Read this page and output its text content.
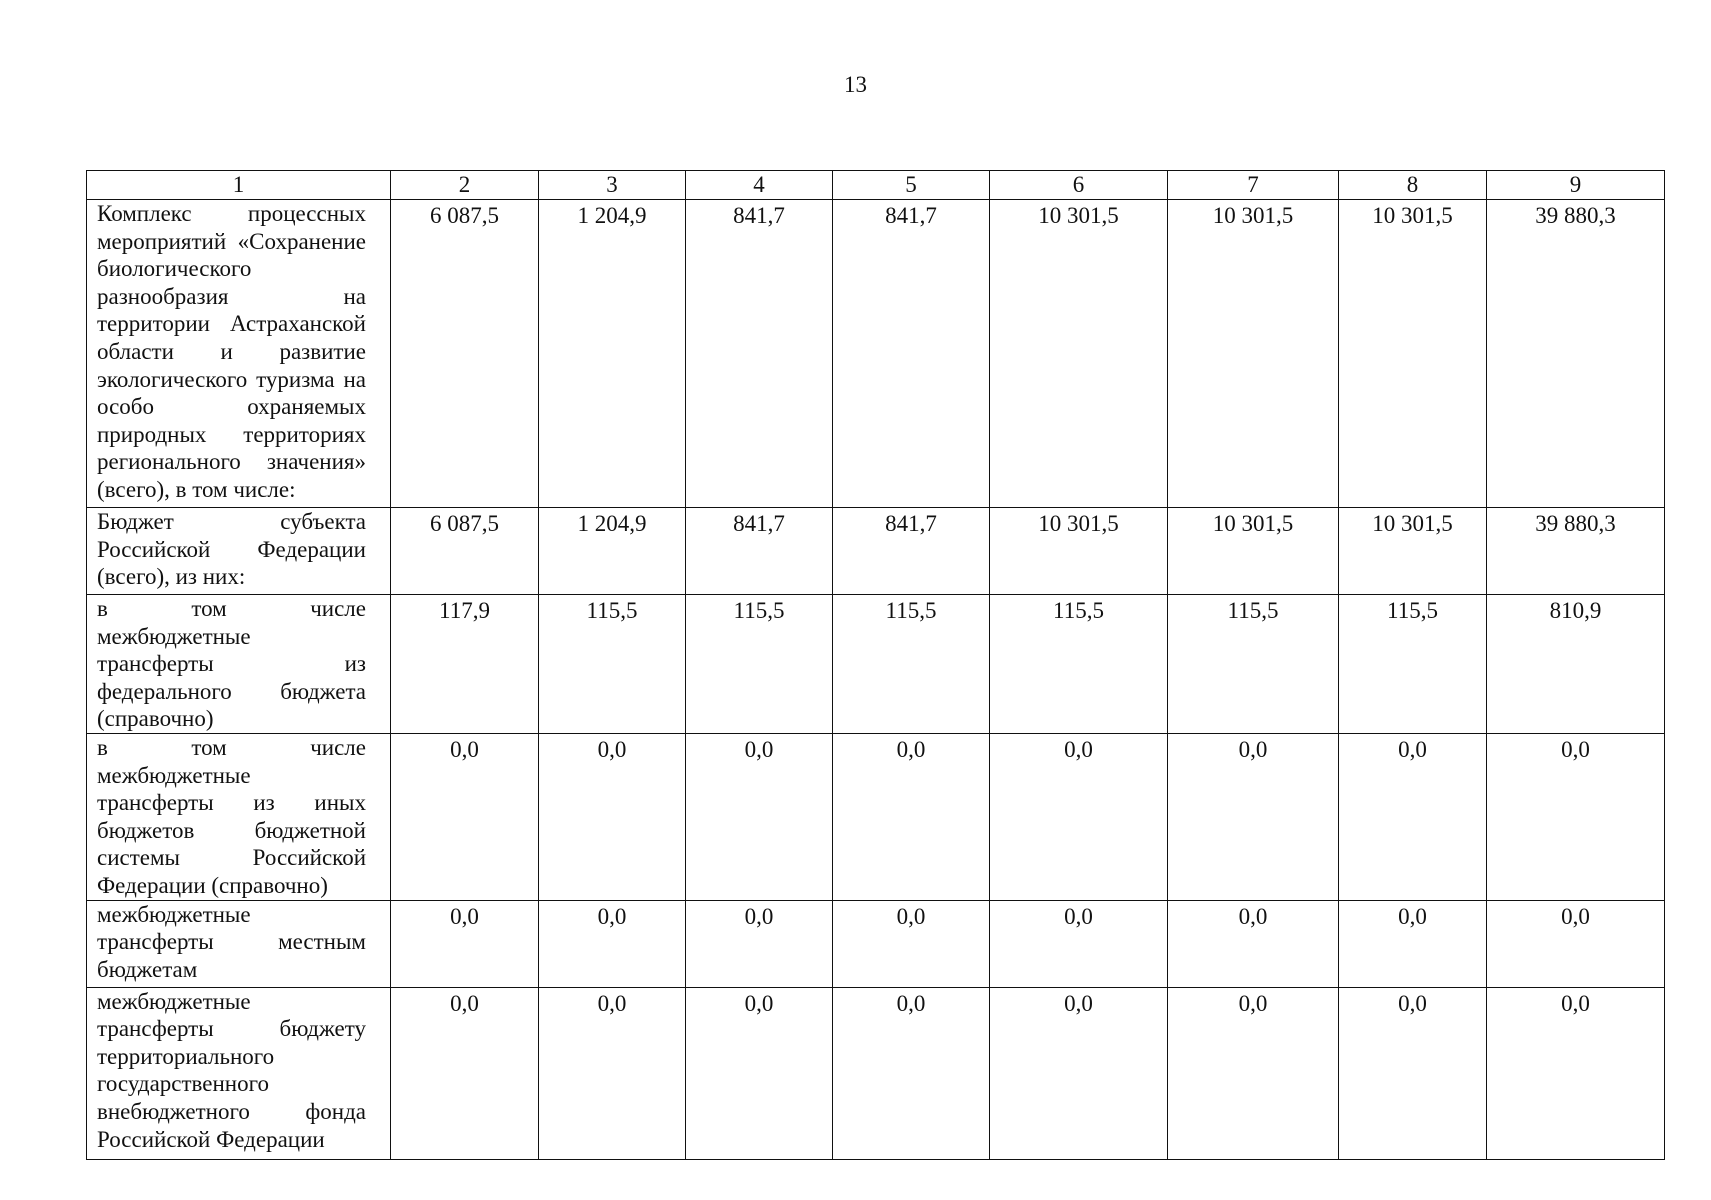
13
1	2	3	4	5	6	7	8	9
Комплекс процессных мероприятий «Сохранение биологического разнообразия на территории Астраханской области и развитие экологического туризма на особо охраняемых природных территориях регионального значения» (всего), в том числе:	6 087,5	1 204,9	841,7	841,7	10 301,5	10 301,5	10 301,5	39 880,3
Бюджет субъекта Российской Федерации (всего), из них:	6 087,5	1 204,9	841,7	841,7	10 301,5	10 301,5	10 301,5	39 880,3
в том числе межбюджетные трансферты из федерального бюджета (справочно)	117,9	115,5	115,5	115,5	115,5	115,5	115,5	810,9
в том числе межбюджетные трансферты из иных бюджетов бюджетной системы Российской Федерации (справочно)	0,0	0,0	0,0	0,0	0,0	0,0	0,0	0,0
межбюджетные трансферты местным бюджетам	0,0	0,0	0,0	0,0	0,0	0,0	0,0	0,0
межбюджетные трансферты бюджету территориального государственного внебюджетного фонда Российской Федерации	0,0	0,0	0,0	0,0	0,0	0,0	0,0	0,0
